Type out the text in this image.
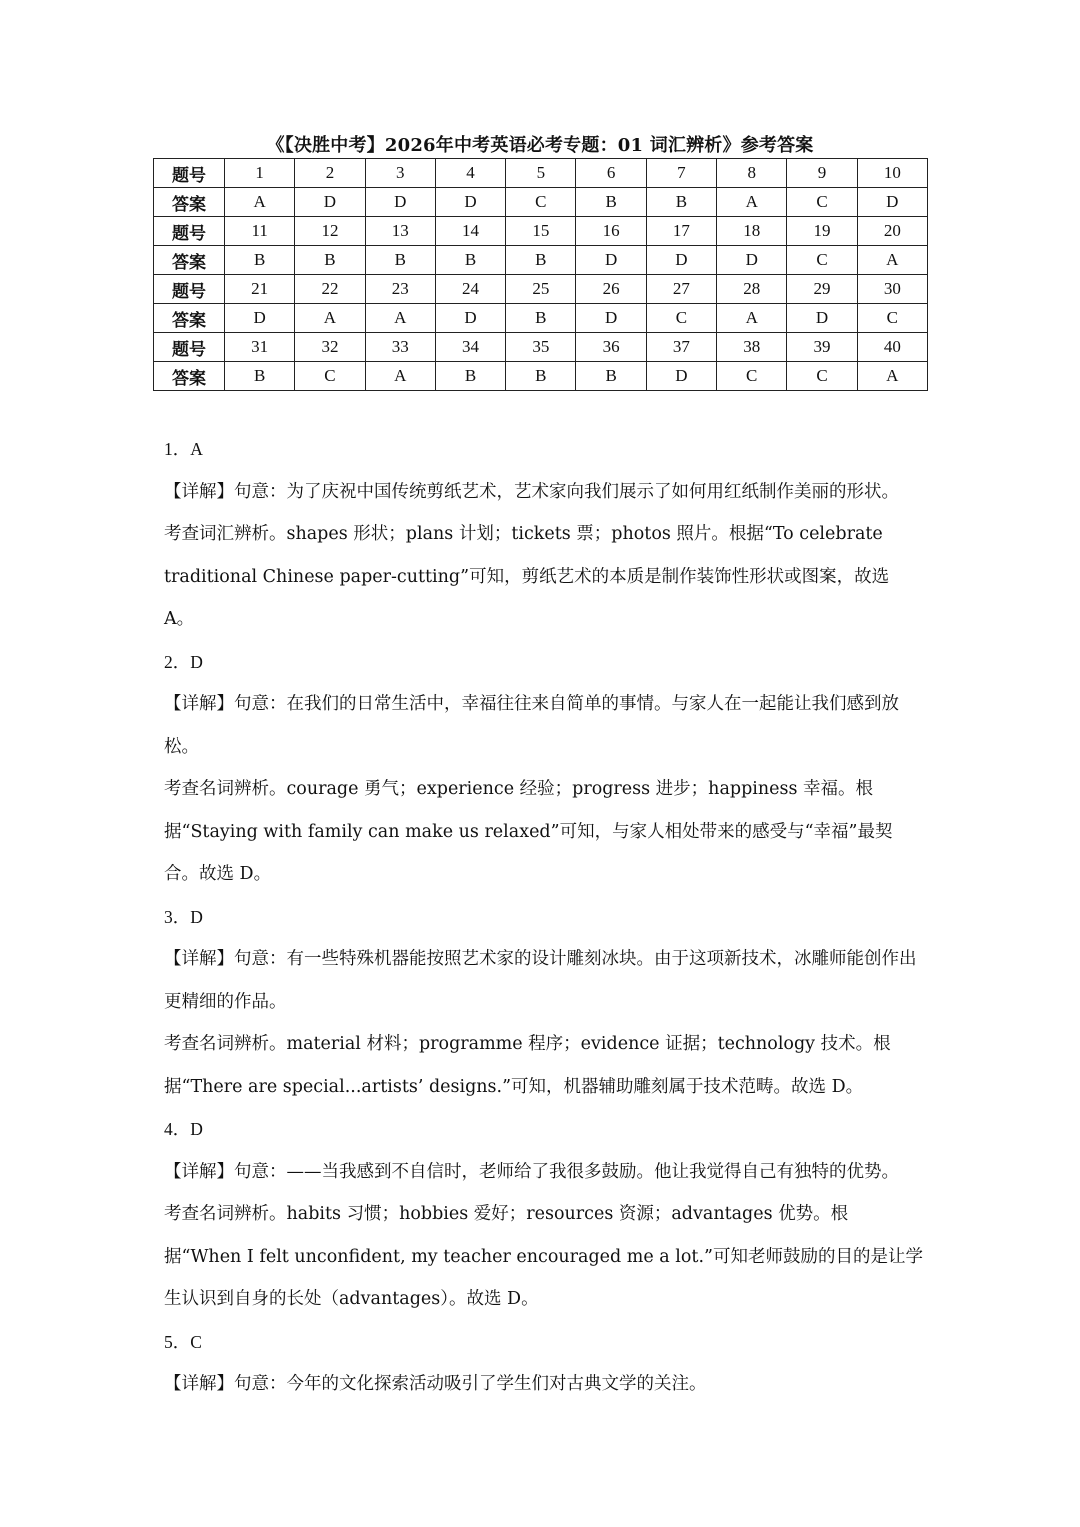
《【决胜中考】2026年中考英语必考专题：01 词汇辨析》参考答案
题号	1	2	3	4	5	6	7	8	9	10
答案	A	D	D	D	C	B	B	A	C	D
题号	11	12	13	14	15	16	17	18	19	20
答案	B	B	B	B	B	D	D	D	C	A
题号	21	22	23	24	25	26	27	28	29	30
答案	D	A	A	D	B	D	C	A	D	C
题号	31	32	33	34	35	36	37	38	39	40
答案	B	C	A	B	B	B	D	C	C	A

1．A

【详解】句意：为了庆祝中国传统剪纸艺术，艺术家向我们展示了如何用红纸制作美丽的形状。

考查词汇辨析。shapes 形状；plans 计划；tickets 票；photos 照片。根据“To celebrate traditional Chinese paper-cutting”可知，剪纸艺术的本质是制作装饰性形状或图案，故选 A。

2．D

【详解】句意：在我们的日常生活中，幸福往往来自简单的事情。与家人在一起能让我们感到放松。

考查名词辨析。courage 勇气；experience 经验；progress 进步；happiness 幸福。根据“Staying with family can make us relaxed”可知，与家人相处带来的感受与“幸福”最契合。故选 D。

3．D

【详解】句意：有一些特殊机器能按照艺术家的设计雕刻冰块。由于这项新技术，冰雕师能创作出更精细的作品。

考查名词辨析。material 材料；programme 程序；evidence 证据；technology 技术。根据“There are special...artists’ designs.”可知，机器辅助雕刻属于技术范畴。故选 D。

4．D

【详解】句意：——当我感到不自信时，老师给了我很多鼓励。他让我觉得自己有独特的优势。

考查名词辨析。habits 习惯；hobbies 爱好；resources 资源；advantages 优势。根据“When I felt unconfident, my teacher encouraged me a lot.”可知老师鼓励的目的是让学生认识到自身的长处（advantages）。故选 D。

5．C

【详解】句意：今年的文化探索活动吸引了学生们对古典文学的关注。
